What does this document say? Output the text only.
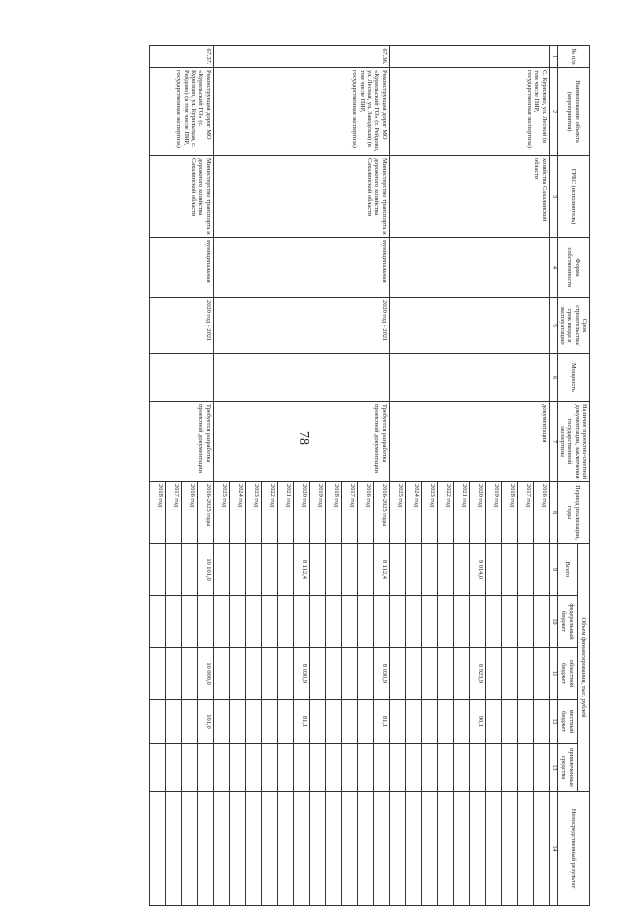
78
№ п/п	Наименование объекта (мероприятия)	ГРБС (исполнитель)	Форма собственности	Срок строительства/ срок ввода в эксплуатацию	Мощность	Наличие проектно-сметной документации, заключения государственной экспертизы	Период реализации, годы	Объем финансирования, тыс. рублей					Непосредственный результат
								Всего	федеральный бюджет	областной бюджет	местный бюджет	привлеченные средства	
1	2	3	4	5	6	7	8	9	10	11	12	13	14
	С. Курилово, ул. Лесной (в том числе ПИР, государственная экспертиза)	хозяйства Сахалинской области				документация	2016 год						
							2017 год						
							2018 год						
							2019 год						
							2020 год	9 014,0		8 923,9	90,1		
							2021 год						
							2022 год						
							2023 год						
							2024 год						
							2025 год						
67.36.	Реконструкция дорог МО «Курильский ГО» (г. Рейдово, ул. Лесная, ул. Заводская) (в том числе ПИР, государственная экспертиза)	Министерство транспорта и дорожного хозяйства Сахалинской области	муниципальная	2020 год - 2021		Требуется разработка проектной документации	2016-2025 годы	8 112,4		8 030,9	81,1		
							2016 год						
							2017 год						
							2018 год						
							2019 год						
							2020 год	8 112,4		8 030,9	81,1		
							2021 год						
							2022 год						
							2023 год						
							2024 год						
							2025 год						
67.37.	Реконструкция дорог МО «Курильский ГО» (с. Курилово, ул. Курильская, с. Рейдово) (в том числе ПИР, государственная экспертиза)	Министерство транспорта и дорожного хозяйства Сахалинской области	муниципальная	2020 год - 2021		Требуется разработка проектной документации	2016-2025 годы	10 101,0		10 000,0	101,0		
							2016 год						
							2017 год						
							2018 год						
